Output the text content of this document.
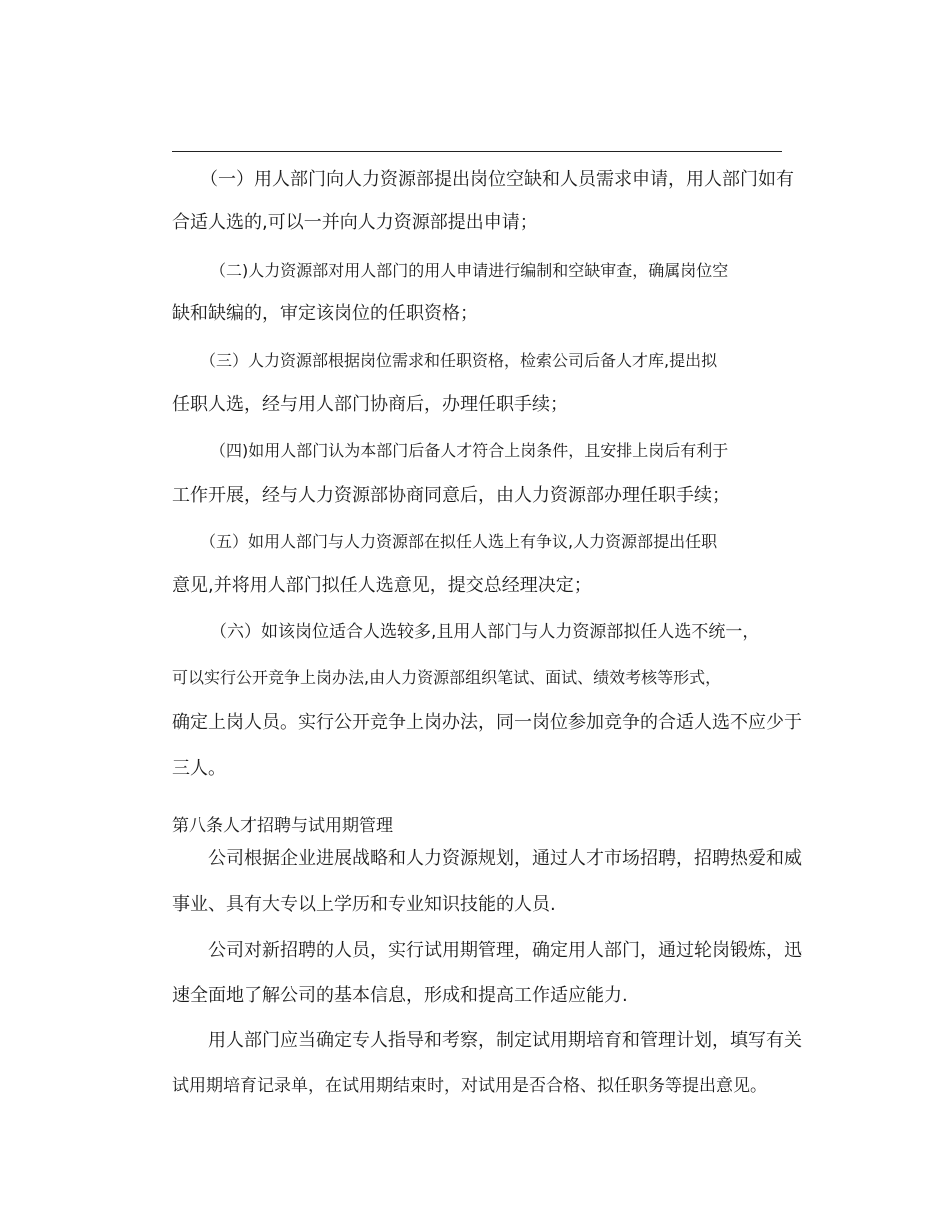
（一）用人部门向人力资源部提出岗位空缺和人员需求申请，用人部门如有
合适人选的,可以一并向人力资源部提出申请；
（二)人力资源部对用人部门的用人申请进行编制和空缺审查，确属岗位空
缺和缺编的，审定该岗位的任职资格；
（三）人力资源部根据岗位需求和任职资格，检索公司后备人才库,提出拟
任职人选，经与用人部门协商后，办理任职手续；
（四)如用人部门认为本部门后备人才符合上岗条件，且安排上岗后有利于
工作开展，经与人力资源部协商同意后，由人力资源部办理任职手续；
（五）如用人部门与人力资源部在拟任人选上有争议,人力资源部提出任职
意见,并将用人部门拟任人选意见，提交总经理决定；
（六）如该岗位适合人选较多,且用人部门与人力资源部拟任人选不统一，
可以实行公开竞争上岗办法,由人力资源部组织笔试、面试、绩效考核等形式，
确定上岗人员。实行公开竞争上岗办法，同一岗位参加竞争的合适人选不应少于
三人。
第八条人才招聘与试用期管理
公司根据企业进展战略和人力资源规划，通过人才市场招聘，招聘热爱和威
事业、具有大专以上学历和专业知识技能的人员.
公司对新招聘的人员，实行试用期管理，确定用人部门，通过轮岗锻炼，迅
速全面地了解公司的基本信息，形成和提高工作适应能力.
用人部门应当确定专人指导和考察，制定试用期培育和管理计划，填写有关
试用期培育记录单，在试用期结束时，对试用是否合格、拟任职务等提出意见。
